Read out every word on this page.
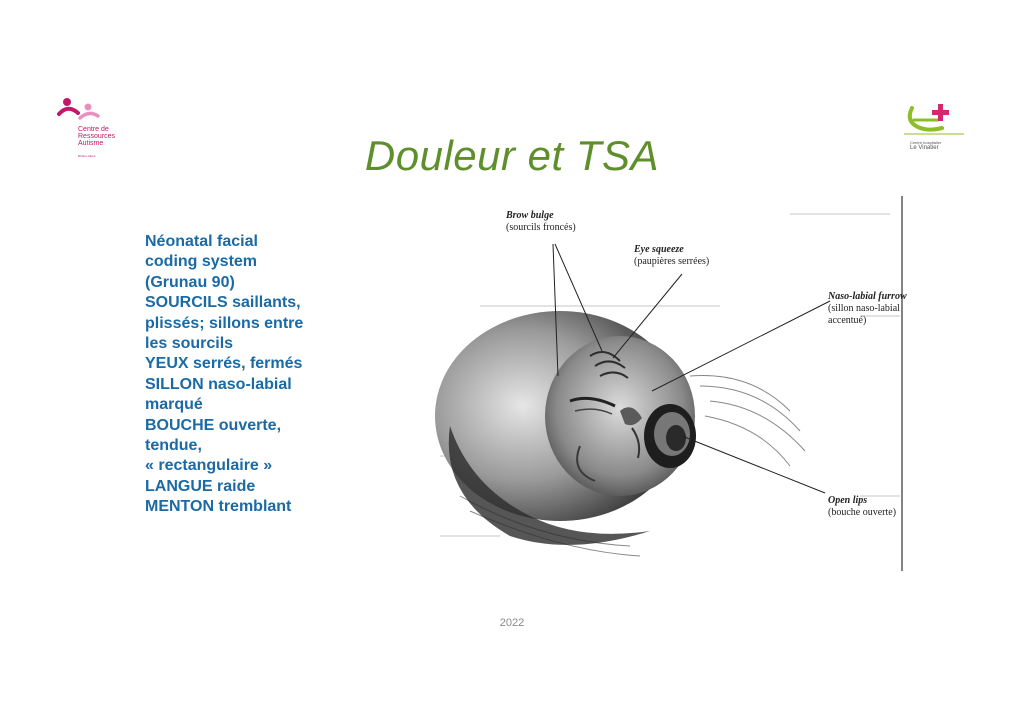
Centre de
Ressources
Autisme
Rhône-Alpes
Centre hospitalier
Le Vinatier
Douleur et TSA
Néonatal facial
coding system
(Grunau 90)
SOURCILS saillants,
plissés; sillons entre
les sourcils
YEUX serrés, fermés
SILLON naso-labial
marqué
BOUCHE ouverte,
tendue,
« rectangulaire »
LANGUE raide
MENTON tremblant
Brow bulge
(sourcils froncés)
Eye squeeze
(paupières serrées)
Naso-labial furrow
(sillon naso-labial
accentué)
Open lips
(bouche ouverte)
2022
